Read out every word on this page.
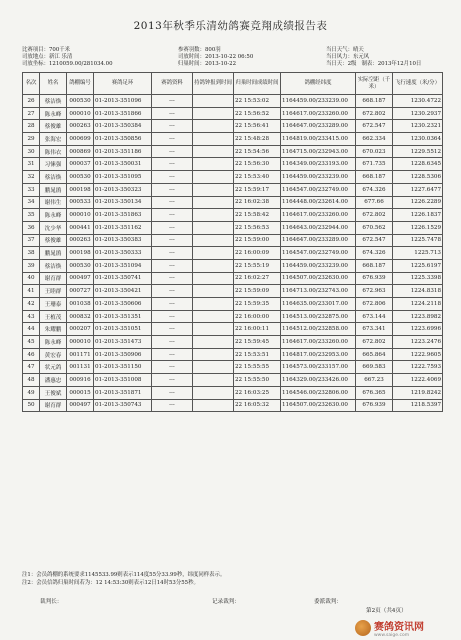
2013年秋季乐清幼鸽赛竞翔成绩报告表
比赛项目：700千米
司放地点：新江 乐清
司放坐标：1210059.00/281034.00
参赛羽数：800羽
司放时间：2013-10-22 06:50
归巢时间：2013-10-22
当日天气：晴天
当日风力：东元风
当日天：2级 制表：2013年12月10日
名次	姓名	鸽棚编号	赛鸽足环	赛鸽资料	持鸽钟报到时间	归巢时间成绩时间	鸽棚经纬度	实际空距（千米）	飞行速度（米/分）
26	蔡洁焕	000530	01-2013-351096	---		22 15:53:02	1164459.00/233239.00	668.187	1230.4722
27	陈永峰	000010	01-2013-351866	---		22 15:56:52	1164617.00/233260.00	672.802	1230.2937
28	蔡俊雄	000263	01-2013-350384	---		22 15:56:41	1164647.00/233289.00	672.547	1230.2321
29	张海宏	000699	01-2013-350856	---		22 15:48:28	1164819.00/233415.00	662.334	1230.0364
30	陈伟衣	000869	01-2013-351186	---		22 15:54:56	1164715.00/232943.00	670.023	1229.5512
31	习愫强	000037	01-2013-350031	---		22 15:56:30	1164349.00/233193.00	671.735	1228.6345
32	蔡洁焕	000530	01-2013-351095	---		22 15:53:40	1164459.00/233239.00	668.187	1228.5306
33	鹏晁鹃	000198	01-2013-350323	---		22 15:59:17	1164547.00/232749.00	674.326	1227.6477
34	谢伟生	000533	01-2013-350134	---		22 16:02:38	1164448.00/232614.00	677.66	1226.2289
35	陈永峰	000010	01-2013-351863	---		22 15:58:42	1164617.00/233260.00	672.802	1226.1837
36	沈少华	000441	01-2013-351162	---		22 15:56:53	1164643.00/232944.00	670.562	1226.1529
37	蔡俊雄	000263	01-2013-350383	---		22 15:59:00	1164647.00/233289.00	672.547	1225.7478
38	鹏晁鹃	000198	01-2013-350333	---		22 16:00:09	1164547.00/232749.00	674.326	1225.713
39	蔡洁焕	000530	01-2013-351094	---		22 15:55:19	1164459.00/233239.00	668.187	1225.6197
40	谢育群	000497	01-2013-350741	---		22 16:02:27	1164507.00/232630.00	676.939	1225.3398
41	王睦群	000727	01-2013-350421	---		22 15:59:09	1164713.00/232743.00	672.963	1224.8318
42	王珊泰	001038	01-2013-350606	---		22 15:59:35	1164635.00/233017.00	672.806	1224.2118
43	王植茂	000832	01-2013-351351	---		22 16:00:00	1164513.00/232875.00	673.144	1223.8982
44	朱耀鹏	000207	01-2013-351051	---		22 16:00:11	1164512.00/232858.00	673.341	1223.6996
45	陈永峰	000010	01-2013-351473	---		22 15:59:45	1164617.00/233260.00	672.802	1223.2476
46	黄宏春	001171	01-2013-350906	---		22 15:53:51	1164817.00/232953.00	665.864	1222.9605
47	状元鸽	001131	01-2013-351150	---		22 15:55:55	1164573.00/233157.00	669.583	1222.7593
48	潘惠忠	000916	01-2013-351008	---		22 15:55:50	1164329.00/233426.00	667.23	1222.4069
49	王俊斌	000015	01-2013-351871	---		22 16:03:25	1164546.00/232806.00	676.365	1219.8242
50	谢育群	000497	01-2013-350743	---		22 16:05:32	1164507.00/232630.00	676.939	1218.5397
注1：会员鸽棚的系统要求1145533.99则表示114度55分33.99秒，纬度同样表示。
注2：会员信鸽归巢时间若为：12 14:53:30则表示12日14时53分55秒。
裁判长：	记录裁判：	委派裁判：
第2页（共4页）
赛鸽资讯网
www.saige.com
